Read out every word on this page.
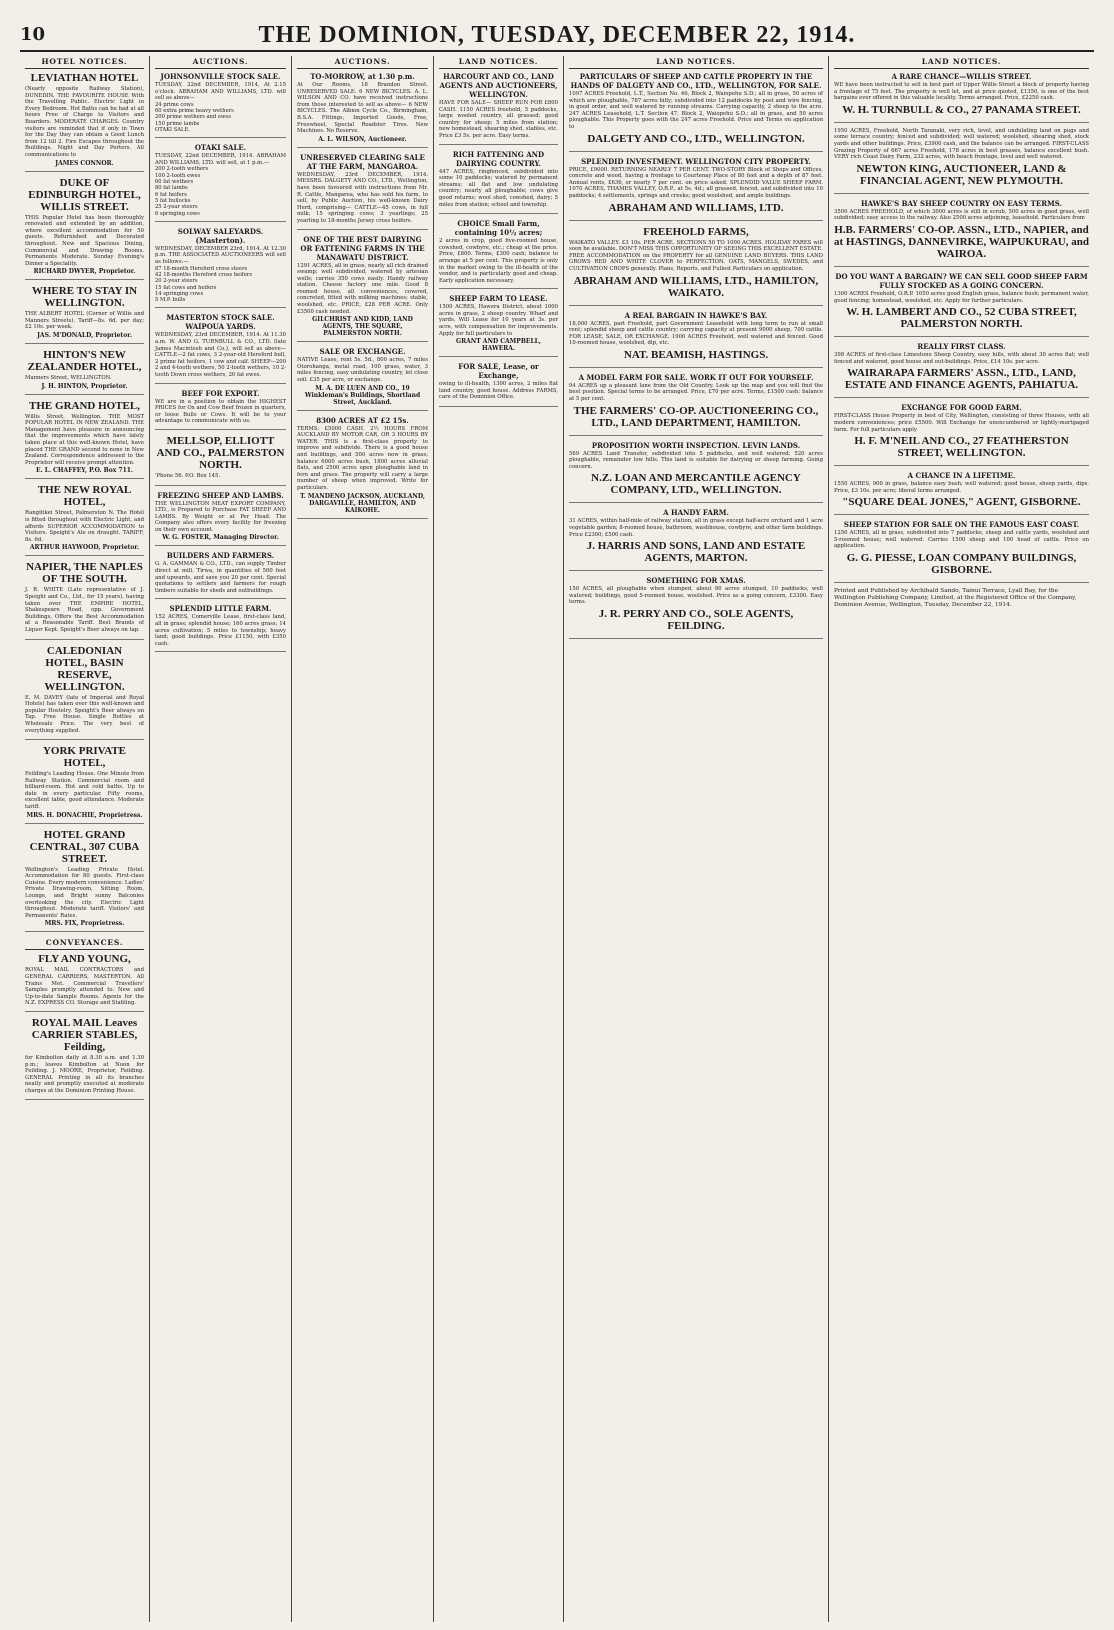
10	THE DOMINION, TUESDAY, DECEMBER 22, 1914.
HOTEL NOTICES.
LEVIATHAN HOTEL
(Nearly opposite Railway Station), DUNEDIN. THE FAVOURITE HOUSE With the Travelling Public. Electric Light in Every Bedroom. Hot Baths can be had at all hours Free of Charge to Visitors and Boarders. MODERATE CHARGES. Country visitors are reminded that if only in Town for the Day they can obtain a Good Lunch from 12 till 2. Fire Escapes throughout the Buildings. Night and Day Porters. All communications to
JAMES CONNOR.
DUKE OF EDINBURGH HOTEL, WILLIS STREET.
THIS Popular Hotel has been thoroughly renovated and extended by an addition, where excellent accommodation for 50 guests. Refurnished and Decorated throughout. New and Spacious Dining, Commercial and Drawing Rooms. Permanents Moderate. Sunday Evening's Dinner a Speciality.
RICHARD DWYER, Proprietor.
WHERE TO STAY IN WELLINGTON.
THE ALBERT HOTEL (Corner of Willis and Manners Streets). Tariff—8s. 6d. per day; £2 10s. per week.
JAS. M'DONALD, Proprietor.
HINTON'S NEW ZEALANDER HOTEL,
Manners Street, WELLINGTON.
J. H. HINTON, Proprietor.
THE GRAND HOTEL,
Willis Street, Wellington. THE MOST POPULAR HOTEL IN NEW ZEALAND. THE Management have pleasure in announcing that the improvements which have lately taken place at this well-known Hotel, have placed THE GRAND second to none in New Zealand. Correspondence addressed to the Proprietor will receive prompt attention.
E. L. CHAFFEY, P.O. Box 711.
THE NEW ROYAL HOTEL,
Rangitikei Street, Palmerston N. The Hotel is fitted throughout with Electric Light, and affords SUPERIOR ACCOMMODATION to Visitors. Speight's Ale on draught. TARIFF, 8s. 6d.
ARTHUR HAYWOOD, Proprietor.
NAPIER, THE NAPLES OF THE SOUTH.
J. R. WHITE (Late representative of J. Speight and Co., Ltd., for 15 years), having taken over THE EMPIRE HOTEL, Shakespeare Road, opp. Government Buildings, Offers the Best Accommodation at a Reasonable Tariff. Best Brands of Liquor Kept. Speight's Beer always on tap.
CALEDONIAN HOTEL, BASIN RESERVE, WELLINGTON.
E. M. DAVEY (late of Imperial and Royal Hotels) has taken over this well-known and popular Hostelry. Speight's Beer always on Tap. Free House. Single Bottles at Wholesale Price. The very best of everything supplied.
YORK PRIVATE HOTEL,
Feilding's Leading House. One Minute from Railway Station. Commercial room and billiard-room. Hot and cold baths. Up to date in every particular. Fifty rooms, excellent table, good attendance. Moderate tariff.
MRS. H. DONACHIE, Proprietress.
HOTEL GRAND CENTRAL, 307 CUBA STREET.
Wellington's Leading Private Hotel. Accommodation for 80 guests. First-class Cuisine. Every modern convenience. Ladies' Private Drawing-room, Sitting Room, Lounge, and Bright sunny Balconies overlooking the city. Electric Light throughout. Moderate tariff. Visitors' and Permanents' Rates.
MRS. FIX, Proprietress.
CONVEYANCES.
FLY AND YOUNG,
ROYAL MAIL CONTRACTORS and GENERAL CARRIERS, MASTERTON. All Trains Met. Commercial Travellers' Samples promptly attended to. New and Up-to-date Sample Rooms. Agents for the N.Z. EXPRESS CO. Storage and Stabling.
ROYAL MAIL Leaves CARRIER STABLES, Feilding,
for Kimbolton daily at 8.30 a.m. and 1.30 p.m.; leaves Kimbolton at Noon for Feilding. J. MOORE, Proprietor, Feilding. GENERAL Printing in all its branches neatly and promptly executed at moderate charges at the Dominion Printing House.
AUCTIONS.
JOHNSONVILLE STOCK SALE.
TUESDAY, 22nd DECEMBER, 1914, At 2.15 o'clock. ABRAHAM AND WILLIAMS, LTD. will sell as above—
24 prime cows
60 extra prime heavy wethers
200 prime wethers and ewes
150 prime lambs
OTAKI SALE.
OTAKI SALE.
TUESDAY, 22nd DECEMBER, 1914. ABRAHAM AND WILLIAMS, LTD. will sell, at 1 p.m.—
200 2-tooth wethers
100 2-tooth ewes
60 fat wethers
80 fat lambs
6 fat heifers
5 fat bullocks
25 2-year steers
6 springing cows
SOLWAY SALEYARDS. (Masterton).
WEDNESDAY, DECEMBER 23rd, 1914. At 12.30 p.m. THE ASSOCIATED AUCTIONEERS will sell as follows:—
87 18-month Hereford cross steers
42 18-months Hereford cross heifers
20 2-year steers
15 fat cows and heifers
14 springing cows
5 M.P. bulls
MASTERTON STOCK SALE. WAIPOUA YARDS.
WEDNESDAY, 23rd DECEMBER, 1914. At 11.30 a.m. W. AND G. TURNBULL & CO., LTD. (late James Macintosh and Co.), will sell as above— CATTLE—2 fat cows, 3 2-year-old Hereford bull, 2 prime fat heifers, 1 cow and calf. SHEEP—200 2 and 4-tooth wethers, 50 2-tooth wethers, 10 2-tooth Down cross wethers, 20 fat ewes.
BEEF FOR EXPORT.
WE are in a position to obtain the HIGHEST PRICES for Ox and Cow Beef frozen in quarters, or loose Bulls or Cows. It will be to your advantage to communicate with us.
MELLSOP, ELLIOTT AND CO., PALMERSTON NORTH.
'Phone 56. P.O. Box 145.
FREEZING SHEEP AND LAMBS.
THE WELLINGTON MEAT EXPORT COMPANY, LTD., is Prepared to Purchase FAT SHEEP AND LAMBS. By Weight or at Per Head. The Company also offers every facility for freezing on their own account.
W. G. FOSTER, Managing Director.
BUILDERS AND FARMERS.
G. A. GAMMAN & CO., LTD., can supply Timber direct at mill. Tirwa, in quantities of 500 feet and upwards, and save you 20 per cent. Special quotations to settlers and farmers for rough timbers suitable for sheds and outbuildings.
SPLENDID LITTLE FARM.
152 ACRES, Comerville Lease, first-class land, all in grass; splendid house; 160 acres grass; 14 acres cultivation; 5 miles to township; heavy land; good buildings. Price £1150, with £350 cash.
AUCTIONS.
TO-MORROW, at 1.30 p.m.
At Our Rooms, 18 Brandon Street. UNRESERVED SALE. 6 NEW BICYCLES. A. L. WILSON AND CO. have received instructions from those interested to sell as above— 6 NEW BICYCLES. The Albion Cycle Co., Birmingham, B.S.A. Fittings, Imported Goods, Free, Freewheel, Special Roadster Tires. New Machines. No Reserve.
A. L. WILSON, Auctioneer.
UNRESERVED CLEARING SALE AT THE FARM, MANGAROA.
WEDNESDAY, 23rd DECEMBER, 1914. MESSRS. DALGETY AND CO., LTD., Wellington, have been favoured with instructions from Mr. R. Cattle, Mangaroa, who has sold his farm, to sell, by Public Auction, his well-known Dairy Herd, comprising— CATTLE—45 cows, in full milk; 15 springing cows; 3 yearlings; 25 yearling to 18-months Jersey cross heifers.
ONE OF THE BEST DAIRYING OR FATTENING FARMS IN THE MANAWATU DISTRICT.
1291 ACRES, all in grass, nearly all rich drained swamp; well subdivided, watered by artesian wells; carries 350 cows easily. Handy railway station. Cheese factory one mile. Good 8 roomed house, all conveniences, covered, concreted, fitted with milking machines; stable, woolshed, etc. PRICE, £28 PER ACRE. Only £3500 cash needed.
GILCHRIST AND KIDD, LAND AGENTS, THE SQUARE, PALMERSTON NORTH.
SALE OR EXCHANGE.
NATIVE Lease, rent 5s. 5d., 800 acres, 7 miles Otorohanga, metal road, 100 grass, water, 3 miles fencing, easy undulating country, let close soil. £35 per acre, or exchange.
M. A. DE LUEN AND CO., 19 Winkleman's Buildings, Shortland Street, Auckland.
8300 ACRES AT £2 15s.
TERMS: £5000 CASH. 2½ HOURS FROM AUCKLAND BY MOTOR CAR, OR 3 HOURS BY WATER. THIS is a first-class property to improve and subdivide. There is a good house and buildings, and 500 acres now in grass; balance 6000 acres bush, 1800 acres alluvial flats, and 2500 acres open ploughable land in fern and grass. The property will carry a large number of sheep when improved. Write for particulars.
T. MANDENO JACKSON, AUCKLAND, DARGAVILLE, HAMILTON, AND KAIKOHE.
LAND NOTICES.
HARCOURT AND CO., LAND AGENTS AND AUCTIONEERS, WELLINGTON.
HAVE FOR SALE— SHEEP RUN FOR £800 CASH. 1150 ACRES freehold, 5 paddocks, large wooled country, all grassed; good country for sheep; 5 miles from station; new homestead, shearing shed, stables, etc. Price £3 5s. per acre. Easy terms.
RICH FATTENING AND DAIRYING COUNTRY.
447 ACRES, ringfenced, subdivided into some 10 paddocks; watered by permanent streams; all flat and low undulating country; nearly all ploughable; cows give good returns; wool shed, cowshed, dairy; 5 miles from station; school and township.
CHOICE Small Farm, containing 10½ acres;
2 acres in crop, good five-roomed house, cowshed, cowbyre, etc.; cheap at the price. Price, £800. Terms, £300 cash; balance to arrange at 5 per cent. This property is only in the market owing to the ill-health of the vendor, and is particularly good and cheap. Early application necessary.
SHEEP FARM TO LEASE.
1500 ACRES, Hawera District, about 1000 acres in grass, 2 sheep country. Wharf and yards. Will Lease for 10 years at 3s. per acre, with compensation for improvements. Apply for full particulars to
GRANT AND CAMPBELL, HAWERA.
FOR SALE, Lease, or Exchange,
owing to ill-health, 1300 acres, 2 miles flat land country, good house. Address FARMS, care of the Dominion Office.
LAND NOTICES.
PARTICULARS OF SHEEP AND CATTLE PROPERTY IN THE HANDS OF DALGETY AND CO., LTD., WELLINGTON, FOR SALE.
1097 ACRES Freehold, L.T., Section No. 46, Block 2, Waiopehu S.D.; all in grass, 50 acres of which are ploughable, 787 acres hilly; subdivided into 12 paddocks by post and wire fencing, in good order, and well watered by running streams. Carrying capacity, 2 sheep to the acre. 247 ACRES Leasehold, L.T. Section 47, Block 2, Waiopehu S.D.; all in grass, and 50 acres ploughable. This Property goes with the 247 acres Freehold. Price and Terms on application to
DALGETY AND CO., LTD., WELLINGTON.
SPLENDID INVESTMENT. WELLINGTON CITY PROPERTY.
PRICE, £9000. RETURNING NEARLY 7 PER CENT. TWO-STORY Block of Shops and Offices, concrete and wood, having a frontage to Courtenay Place of 80 feet and a depth of 87 feet. Annual rents, £636, or nearly 7 per cent. on price asked. SPLENDID VALUE SHEEP FARM. 1070 ACRES, THAMES VALLEY, O.R.P., at 5s. 4d.; all grassed, fenced, and subdivided into 10 paddocks; 4 settlements, springs and creeks; good woolshed, and ample buildings.
ABRAHAM AND WILLIAMS, LTD.
FREEHOLD FARMS,
WAIKATO VALLEY. £3 10s. PER ACRE. SECTIONS 50 TO 1000 ACRES. HOLIDAY FARES will soon be available. DON'T MISS THIS OPPORTUNITY OF SEEING THIS EXCELLENT ESTATE. FREE ACCOMMODATION on the PROPERTY for all GENUINE LAND BUYERS. THIS LAND GROWS RED AND WHITE CLOVER to PERFECTION. OATS, MANGELS, SWEDES, and CULTIVATION CROPS generally. Plans, Reports, and Fullest Particulars on application.
ABRAHAM AND WILLIAMS, LTD., HAMILTON, WAIKATO.
A REAL BARGAIN IN HAWKE'S BAY.
18,000 ACRES, part Freehold, part Government Leasehold with long term to run at small rent; splendid sheep and cattle country; carrying capacity at present 9000 sheep, 700 cattle. FOR LEASE, SALE, OR EXCHANGE. 1900 ACRES Freehold, well watered and fenced. Good 10-roomed house, woolshed, dip, etc.
NAT. BEAMISH, HASTINGS.
A MODEL FARM FOR SALE. WORK IT OUT FOR YOURSELF.
94 ACRES up a pleasant lane from the Old Country. Look up the map and you will find the best position. Special terms to be arranged. Price, £70 per acre. Terms, £1500 cash; balance at 5 per cent.
THE FARMERS' CO-OP. AUCTIONEERING CO., LTD., LAND DEPARTMENT, HAMILTON.
PROPOSITION WORTH INSPECTION. LEVIN LANDS.
569 ACRES Land Transfer, subdivided into 5 paddocks, and well watered; 520 acres ploughable, remainder low hills. This land is suitable for dairying or sheep farming. Going concern.
N.Z. LOAN AND MERCANTILE AGENCY COMPANY, LTD., WELLINGTON.
A HANDY FARM.
31 ACRES, within half-mile of railway station, all in grass except half-acre orchard and 1 acre vegetable garden; 8-roomed house, bathroom, washhouse, cowbyre, and other farm buildings. Price £2300; £500 cash.
J. HARRIS AND SONS, LAND AND ESTATE AGENTS, MARTON.
SOMETHING FOR XMAS.
150 ACRES, all ploughable when stumped, about 80 acres stumped, 10 paddocks, well watered; buildings, good 5-roomed house, woolshed. Price as a going concern, £3300. Easy terms.
J. R. PERRY AND CO., SOLE AGENTS, FEILDING.
LAND NOTICES.
A RARE CHANCE—WILLIS STREET.
WE have been instructed to sell in best part of Upper Willis Street a block of property having a frontage of 75 feet. The property is well let, and at price quoted, £1350, is one of the best bargains ever offered in this valuable locality. Terms arranged. Price, £2250 cash.
W. H. TURNBULL & CO., 27 PANAMA STREET.
1950 ACRES, Freehold, North Taranaki, very rich, level, and undulating land on pugs and some terrace country; fenced and subdivided; well watered; woolshed, shearing shed, stock yards and other buildings. Price, £3900 cash, and the balance can be arranged. FIRST-CLASS Grazing Property of 667 acres Freehold, 178 acres in best grasses, balance excellent bush. VERY rich Coast Dairy Farm, 232 acres, with beach frontage, level and well watered.
NEWTON KING, AUCTIONEER, LAND & FINANCIAL AGENT, NEW PLYMOUTH.
HAWKE'S BAY SHEEP COUNTRY ON EASY TERMS.
3500 ACRES FREEHOLD, of which 3000 acres is still in scrub, 500 acres in good grass, well subdivided; easy access to the railway. Also 2500 acres adjoining, leasehold. Particulars from
H.B. FARMERS' CO-OP. ASSN., LTD., NAPIER, and at HASTINGS, DANNEVIRKE, WAIPUKURAU, and WAIROA.
DO YOU WANT A BARGAIN? WE CAN SELL GOOD SHEEP FARM FULLY STOCKED AS A GOING CONCERN.
1300 ACRES Freehold, O.R.P. 1050 acres good English grass, balance bush; permanent water, good fencing; homestead, woolshed, etc. Apply for further particulars.
W. H. LAMBERT AND CO., 52 CUBA STREET, PALMERSTON NORTH.
REALLY FIRST CLASS.
398 ACRES of first-class Limestone Sheep Country, easy hills, with about 30 acres flat; well fenced and watered, good house and out-buildings. Price, £14 10s. per acre.
WAIRARAPA FARMERS' ASSN., LTD., LAND, ESTATE AND FINANCE AGENTS, PAHIATUA.
EXCHANGE FOR GOOD FARM.
FIRST-CLASS House Property in best of City, Wellington, consisting of three Houses, with all modern conveniences; price £5500. Will Exchange for unencumbered or lightly-mortgaged farm. For full particulars apply
H. F. M'NEIL AND CO., 27 FEATHERSTON STREET, WELLINGTON.
A CHANCE IN A LIFETIME.
1550 ACRES, 900 in grass, balance easy bush; well watered; good house, sheep yards, dips. Price, £3 10s. per acre; liberal terms arranged.
"SQUARE DEAL JONES," AGENT, GISBORNE.
SHEEP STATION FOR SALE ON THE FAMOUS EAST COAST.
1250 ACRES, all in grass, subdivided into 7 paddocks, sheep and cattle yards, woolshed and 5-roomed house; well watered. Carries 1500 sheep and 100 head of cattle. Price on application.
G. G. PIESSE, LOAN COMPANY BUILDINGS, GISBORNE.
Printed and Published by Archibald Sando, Tainui Terrace, Lyall Bay, for the Wellington Publishing Company, Limited, at the Registered Office of the Company, Dominion Avenue, Wellington, Tuesday, December 22, 1914.
